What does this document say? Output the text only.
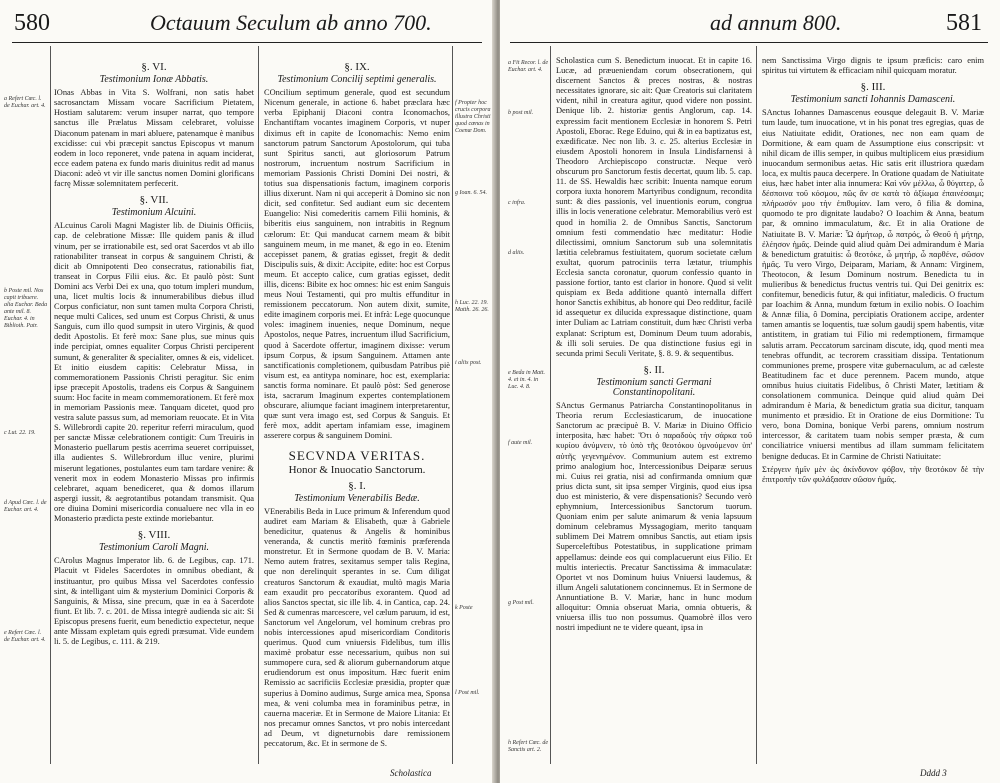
580	Octauum Seculum ab anno 700.
a Refert Cœc. l. de Euchar. art. 4.
b Poste mil. Nos capit tribuere. alia Euchar. Beda ante mil. 8. Euchar. 4. in Biblioth. Patr.
c Lut. 22. 19.
d Apud Cœc. l. de Euchar. art. 4.
e Refert Cœc. l. de Euchar. art. 4.
§. VI.
Testimonium Ionæ Abbatis.

IOnas Abbas in Vita S. Wolfrani, non satis habet sacrosanctam Missam vocare Sacrificium Pietatem, Hostiam salutarem: verum insuper narrat, quo tempore sanctus ille Prælatus Missam celebraret, voluisse Diaconum patenam in mari abluere, patenamque è manibus excidisse: cui vbi præcepit sanctus Episcopus vt manum eodem in loco reponeret, vnde patena in aquam inciderat, ecce eadem patena ex fundo maris diuinitus redit ad manus Diaconi: adeò vt vir ille sanctus nomen Domini glorificans facrę Missæ solemnitatem perfecerit.

§. VII.
Testimonium Alcuini.

ALcuinus Caroli Magni Magister lib. de Diuinis Officiis, cap. de celebratione Missæ: Ille quidem panis & illud vinum, per se irrationabile est, sed orat Sacerdos vt ab illo rationabiliter transeat in corpus & sanguinem Christi, & dicit ab Omnipotenti Deo consecratus, rationabilis fiat, transeat in Corpus Filii eius. &c. Et paulò pòst: Sunt Domini acs Verbi Dei ex una, quo totum impleri mundum, una, licet multis locis & innumerabilibus diebus illud Corpus conficiatur, non sunt tamen multa Corpora Christi, neque multi Calices, sed unum est Corpus Christi, & unus Sanguis, cum illo quod sumpsit in utero Virginis, & quod dedit Apostolis. Et ferè mox: Sane plus, sue minus quis inde percipiat, omnes equaliter Corpus Christi perciperent sumunt, & generaliter & specialiter, omnes & eis, videlicet. Et initio eiusdem capitis: Celebratur Missa, in commemorationem Passionis Christi peragitur. Sic enim ipse præcepit Apostolis, tradens eis Corpus & Sanguinem suum: Hoc facite in meam commemorationem. Et ferè mox in memoriam Passionis meæ. Tanquam dicetet, quod pro vestra salute passus sum, ad memoriam reuocate. Et in Vita S. Willebrordi capite 20. reperitur referri miraculum, quod per sanctæ Missæ celebrationem contigit: Cum Treuiris in Monasterio puellarum pestis acerrima seueret corripuisset, illa audientes S. Willebrordum illuc venire, plurimi miserunt legationes, postulantes eum tam tardare venire: & venerit mox in eodem Monasterio Missas pro infirmis celebraret, aquam benediceret, qua & domos illarum aspergi iussit, & aegrotantibus potandam transmisit. Qua ore diuina Domini misericordia conualuere nec vlla in eo Monasterio prædicta peste extinde moriebantur.

§. VIII.
Testimonium Caroli Magni.

CArolus Magnus Imperator lib. 6. de Legibus, cap. 171. Placuit vt Fideles Sacerdotes in omnibus obediant, & instituantur, pro quibus Missa vel Sacerdotes confessio sint, & intelligant uim & mysterium Dominici Corporis & Sanguinis, & Missa, sine precum, quæ in ea à Sacerdote fiunt. Et lib. 7. c. 201. de Missa integrè audienda sic ait: Si Episcopus presens fuerit, eum benedictio expectetur, neque ante Missam expletam quis egredi præsumat. Vide eundem li. 5. de Legibus, c. 111. & 219.

§. IX.
Testimonium Concilij septimi generalis.

COncilium septimum generale, quod est secundum Nicenum generale, in actione 6. habet præclara hæc verba Epiphanij Diaconi contra Iconomachos, Enchantiftam vocantes imaginem Corporis, vt nuper diximus eft in capite de Iconomachis: Nemo enim sanctorum patrum Sanctorum Apostolorum, qui tuba sunt Spiritus sancti, aut gloriosorum Patrum nostrorum, incruentum nostrum Sacrificium in memoriam Passionis Christi Domini Dei nostri, & totius sua dispensationis factum, imaginem corporis illius dixerunt. Nam ni qui acceperit à Domino sic non dicit, sed confitetur. Sed audiant eum sic decentem Euangelio: Nisi comederitis carnem Filii hominis, & biberitis eius sanguinem, non intrabitis in Regnum cælorum: Et: Qui manducat carnem meam & bibit sanguinem meum, in me manet, & ego in eo. Etenim accepisset panem, & gratias egisset, fregit & dedit Discipulis suis, & dixit: Accipite, edite: hoc est Corpus meum. Et accepto calice, cum gratias egisset, dedit illis, dicens: Bibite ex hoc omnes: hic est enim Sanguis meus Noui Testamenti, qui pro multis effunditur in remissionem peccatorum. Non autem dixit, sumite, edite imaginem corporis mei. Et infrà: Lege quocunque voles: imaginem inuenies, neque Dominum, neque Apostolos, neque Patres, incruentum illud Sacrificium, quod à Sacerdote offertur, imaginem dixisse: verum ipsum Corpus, & ipsum Sanguinem. Attamen ante sanctificationis completionem, quibusdam Patribus piè visum est, ea antitypa nominare, hoc est, exemplaria: sanctis forma nominare. Et paulò pòst: Sed generose ista, sacrarum Imaginum expertes contemplationem obscurare, aliumque faciant imaginem interpretarentur, quæ sunt vera imago est, sed Corpus & Sanguis. Et ferè mox, addit apertam infamiam esse, imaginem asserere corpus & sanguinem Domini.

SECVNDA VERITAS.
Honor & Inuocatio Sanctorum.
§. I.
Testimonium Venerabilis Bedæ.

VEnerabilis Beda in Luce primum & Inferendum quod audiret eam Mariam & Elisabeth, quæ à Gabriele benedicitur, quatenus & Angelis & hominibus veneranda, & cunctis meritò fœminis præferenda monstretur. Et in Sermone quodam de B. V. Maria: Nemo autem fratres, sexitamus semper talis Regina, que non derelinquit sperantes in se. Cum diligat creaturos Sanctorum & exaudiat, multò magis Maria eam exaudit pro peccatoribus exorantem. Quod ad alios Sanctos spectat, sic ille lib. 4. in Cantica, cap. 24. Sed & cumenras marcescere, vel cælum paruum, id est, Sanctorum vel Angelorum, vel hominum crebras pro nobis intercessiones apud misericordiam Conditoris querimus. Quod cum vniuersis Fidelibus, tum illis maximè probatur esse necessarium, quibus non sui summopere cura, sed & aliorum gubernandorum atque erudiendorum est onus impositum. Hæc fuerit enim Remissio ac sacrificiis Ecclesiæ præsidia, propter quæ superius à Domino audimus, Surge amica mea, Sponsa mea, & veni columba mea in foraminibus petræ, in cauerna maceriæ. Et in Sermone de Maiore Litania: Et nos precamur omnes Sanctos, vt pro nobis intercedant ad Deum, vt digneturnobis dare remissionem peccatorum, &c. Et in sermone de S.

f Propter hoc crucis corpora illustra Christi quod cœnas in Coenæ Dom.
g Ioan. 6. 54.
h Luc. 22. 19. Matth. 26. 26.
i aliis post.
k Poste
l Post mil.
Scholastica
ad annum 800.	581
a Fit Recor. l. de Euchar. art. 4.
b post mil.
c infra.
d aliis.
e Beda in Matt. 4. et in. 4. in Luc. 4. 8.
f aute mil.
g Post mil.
h Refert Cœc. de Sanctis art. 2.

Scholastica cum S. Benedictum inuocat. Et in capite 16. Lucæ, ad præueniendam corum obsecrationem, qui discernent Sanctos & preces nostras, & nostras necessitates ignorare, sic ait: Quæ Creatoris sui claritatem vident, nihil in creatura agitur, quod videre non possint. Denique lib. 2. historiæ gentis Anglorum, cap. 14. expressim facit mentionem Ecclesiæ in honorem S. Petri Apostoli, Eborac. Rege Eduino, qui & in ea baptizatus est, exædificatæ. Nec non lib. 3. c. 25. alterius Ecclesiæ in eiusdem Apostoli honorem in Insula Lindisfarnensi à Theodoro Archiepiscopo constructæ. Neque verò obscurum pro Sanctorum festis decertat, quum lib. 5. cap. 11. de SS. Hewaldis hæc scribit: Inuenta namque eorum corpora iuxta honorem Martyribus condignum, recondita sunt: & dies passionis, vel inuentionis eorum, congrua illis in locis veneratione celebratur. Memorabilius verò est quod in homilia 2. de Omnibus Sanctis, Sanctorum omnium festi commendatio hæc meditatur: Hodie dilectissimi, omnium Sanctorum sub una solemnitatis lætitia celebramus festiuitatem, quorum societate cælum exultat, quorum patrociniis terra lætatur, triumphis Ecclesia sancta coronatur, quorum confessio quanto in passione fortior, tanto est clarior in honore. Quod si velit quispiam ex Beda additione quantò internalla differt honor Sanctis exhibitus, ab honore qui Deo redditur, facilè id assequetur ex dilucida expressaque distinctione, quam inter Duliam ac Latriam constituit, dum hæc Christi verba explanat: Scriptum est, Dominum Deum tuum adorabis, & illi soli seruies. De qua distinctione fusius egi in secunda primi Seculi Veritate, §. 8. 9. & sequentibus.

§. II.
Testimonium sancti Germani Constantinopolitani.

SAnctus Germanus Patriarcha Constantinopolitanus in Theoria rerum Ecclesiasticarum, de inuocatione Sanctorum ac præcipuè B. V. Mariæ in Diuino Officio interposita, hæc habet: Ὅτι ὁ παραδοὺς τὴν σάρκα τοῦ κυρίου ἀνύμνειν, τὸ ὑπὸ τῆς θεοτόκου ὑμνούμενον ὑπ' αὐτῆς γεγενημένον. Communium autem est extremo primo analogium hoc, Intercessionibus Deiparæ seruus mi. Cuius rei gratia, nisi ad confirmanda omnium quæ prius dicta sunt, sit ipsa semper Virginis, quod eius ipsa duo est ministerio, & vere dispensationis? Secundo verò ephymnium, Intercessionibus Sanctorum tuorum. Quoniam enim per salute animarum & venia lapsuum dominum celebramus Myssagogiam, merito tanquam sublimem Dei Matrem omnibus Sanctis, aut etiam ipsis Superceleftibus Potestatibus, in supplicatione primam appellamus: deinde eos qui complacuerunt eius Filio. Et multis interiectis. Precatur Sanctissima & immaculatæ: Oportet vt nos Dominum huius Vniuersi laudemus, & illum Angeli salutationem concinnemus. Et in Sermone de Annuntiatione B. V. Mariæ, hanc in hunc modum alloquitur: Omnia obseruat Maria, omnia obtueris, & vniuersa illis tuo non possumus. Quamobrè illos vero nostri impediunt ne te videre queant, ipsa in

nem Sanctissima Virgo dignis te ipsum præficis: caro enim spiritus tui virtutem & efficaciam nihil quicquam moratur.

§. III.
Testimonium sancti Iohannis Damasceni.

SAnctus Iohannes Damascenus eousque delegauit B. V. Mariæ tum laude, tum inuocatione, vt in his ponat tres egregias, quas de eius Natiuitate edidit, Orationes, nec non eam quam de Dormitione, & eam quam de Assumptione eius conscripsit: vt nihil dicam de illis semper, in quibus multiplicem eius præsidium inuocandum sermonibus aetas. Hic satis erit illustriora quædam loca, ex multis pauca decerpere. In Oratione quadam de Natiuitate eius, hæc habet inter alia innumera: Καὶ νῦν μέλλω, ὦ θύγατερ, ὦ δέσποινα τοῦ κόσμου, πῶς ἂν σε κατὰ τὸ ἀξίωμα ἐπαινέσαιμι; πλήρωσόν μου τὴν ἐπιθυμίαν. Iam vero, ô filia & domina, quomodo te pro dignitate laudabo? O Ioachim & Anna, beatum par, & omnino immaculatum, &c. Et in alia Oratione de Natiuitate B. V. Mariæ: Ὦ ἀμήτωρ, ὦ πατρός, ὦ Θεοῦ ἡ μήτηρ, ἐλέησον ἡμᾶς. Deinde quid aliud quàm Dei admirandum è Maria & benedictum gratuitis: ὦ θεοτόκε, ὦ μητήρ, ὦ παρθένε, σῶσον ἡμᾶς. Tu vero Virgo, Deiparam, Mariam, & Annam: Virginem, Theotocon, & Iesum Dominum nostrum. Benedicta tu in mulieribus & benedictus fructus ventris tui. Qui Dei genitrix es: confitemur, benedicis futur, & qui infitiatur, maledicis. O fructum par Ioachim & Anna, mundum fœtum in exilio nobis. O Ioachim & Annæ filia, ô Domina, percipiatis Orationem accipe, ardenter tamen amantis se loquentis, tuæ solum gaudij spem habentis, vitæ antistitem, in gratiam tui Filio mi redemptionem, firmamque salutis arram. Peccatorum sarcinam discute, idq, quod menti mea tenebras offundit, ac tecrorem crassitiam dissipa. Tentationum communiones preme, prospere vitæ gubernaculum, ac ad cæleste Beatitudinem fac et duce perennem. Pacem mundo, atque omnibus huius ciuitatis Fidelibus, ô Christi Mater, lætitiam & consolationem communica. Deinque quid aliud quàm Dei admirandum è Maria, & benedictum gratia sua dicitur, tanquam munimento et præsidio. Et in Oratione de eius Dormitione: Tu vero, bona Domina, bonique Verbi parens, omnium nostrum intercessor, & caritatem tuam nobis semper præsta, & cum conciliatrice vniuersi mentibus ad illam summam felicitatem benigne deducas. Et in Carmine de Christi Natiuitate:

Στέργειν ἡμῖν μὲν ὡς ἀκίνδυνον φόβον, τὴν θεοτόκον δὲ τὴν ἐπιτροπὴν τῶν φυλάξασαν σῶσον ἡμᾶς.

Dddd 3
